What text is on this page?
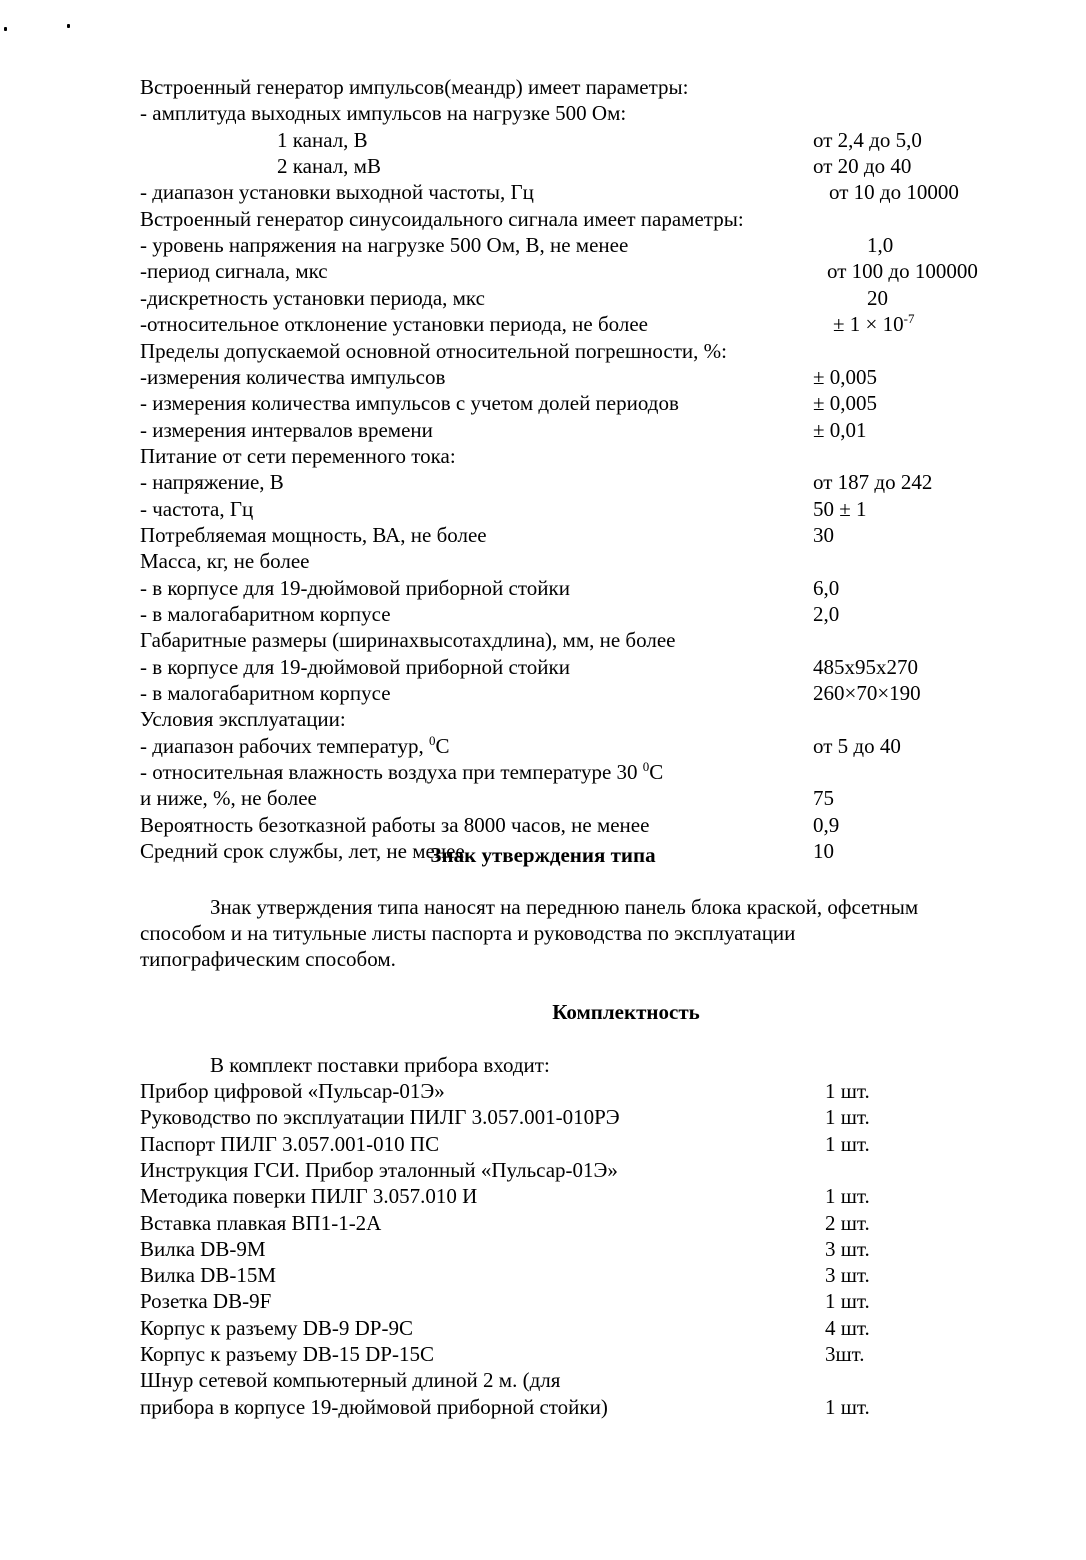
Встроенный генератор импульсов(меандр) имеет параметры:
- амплитуда выходных импульсов на нагрузке 500 Ом:
1 канал, В	от 2,4 до 5,0
2 канал, мВ	от 20 до 40
- диапазон установки выходной частоты, Гц	от 10 до 10000
Встроенный генератор синусоидального сигнала имеет параметры:
- уровень напряжения на нагрузке 500 Ом, В, не менее	1,0
-период сигнала, мкс	от 100 до 100000
-дискретность установки периода, мкс	20
-относительное отклонение установки периода, не более	± $1 \times 10^{-7}$
Пределы допускаемой основной относительной погрешности, %:
-измерения количества импульсов	± 0,005
- измерения количества импульсов с учетом долей периодов	± 0,005
- измерения интервалов времени	± 0,01
Питание от сети переменного тока:
- напряжение, В	от 187 до 242
- частота, Гц	50 ± 1
Потребляемая мощность, ВА, не более	30
Масса, кг, не более
- в корпусе для 19-дюймовой приборной стойки	6,0
- в малогабаритном корпусе	2,0
Габаритные размеры (ширинахвысотахдлина), мм, не более
- в корпусе для 19-дюймовой приборной стойки	485x95x270
- в малогабаритном корпусе	260×70×190
Условия эксплуатации:
- диапазон рабочих температур, $^0$С	от 5 до 40
- относительная влажность воздуха при температуре 30 $^0$С
и ниже, %, не более	75
Вероятность безотказной работы за 8000 часов, не менее	0,9
Средний срок службы, лет, не менее	10
Знак утверждения типа
Знак утверждения типа наносят на переднюю панель блока краской, офсетным
способом и на титульные листы паспорта и руководства по эксплуатации
типографическим способом.
Комплектность
В комплект поставки прибора входит:
Прибор цифровой «Пульсар-01Э»	1 шт.
Руководство по эксплуатации ПИЛГ 3.057.001-010РЭ	1 шт.
Паспорт ПИЛГ 3.057.001-010 ПС	1 шт.
Инструкция ГСИ. Прибор эталонный «Пульсар-01Э»
Методика поверки ПИЛГ 3.057.010 И	1 шт.
Вставка плавкая ВП1-1-2А	2 шт.
Вилка DB-9M	3 шт.
Вилка DB-15M	3 шт.
Розетка DB-9F	1 шт.
Корпус к разъему DB-9 DP-9C	4 шт.
Корпус к разъему DB-15 DP-15C	3шт.
Шнур сетевой компьютерный длиной 2 м. (для
прибора в корпусе 19-дюймовой приборной стойки)	1 шт.
